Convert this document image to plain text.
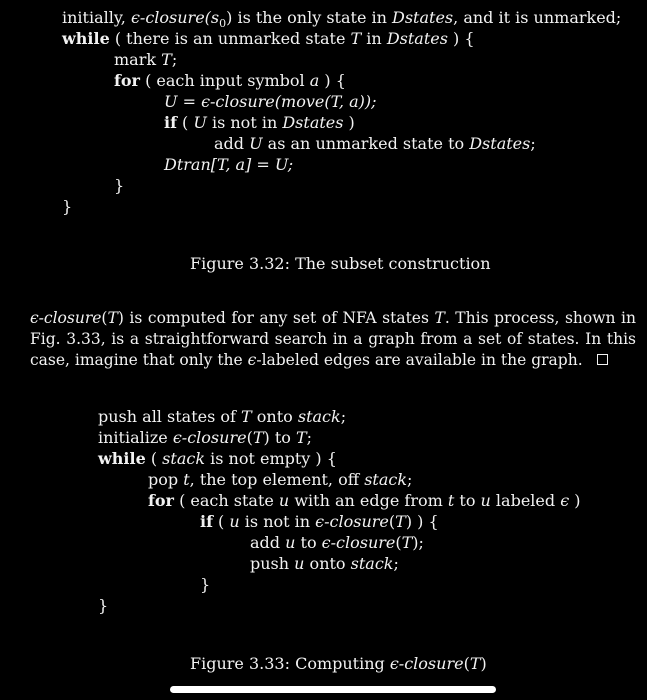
initially, $\epsilon-closure(s_0)$ is the only state in Dstates, and it is unmarked;
while ( there is an unmarked state T in Dstates ) {
mark T;
for ( each input symbol a ) {
U = ϵ-closure(move(T, a));
if ( U is not in Dstates )
add U as an unmarked state to Dstates;
Dtran[T, a] = U;
}
}
Figure 3.32: The subset construction
ϵ-closure(T) is computed for any set of NFA states T. This process, shown in Fig. 3.33, is a straightforward search in a graph from a set of states. In this case, imagine that only the ϵ-labeled edges are available in the graph.
push all states of T onto stack;
initialize ϵ-closure(T) to T;
while ( stack is not empty ) {
pop t, the top element, off stack;
for ( each state u with an edge from t to u labeled ϵ )
if ( u is not in ϵ-closure(T) ) {
add u to ϵ-closure(T);
push u onto stack;
}
}
Figure 3.33: Computing ϵ-closure(T)
